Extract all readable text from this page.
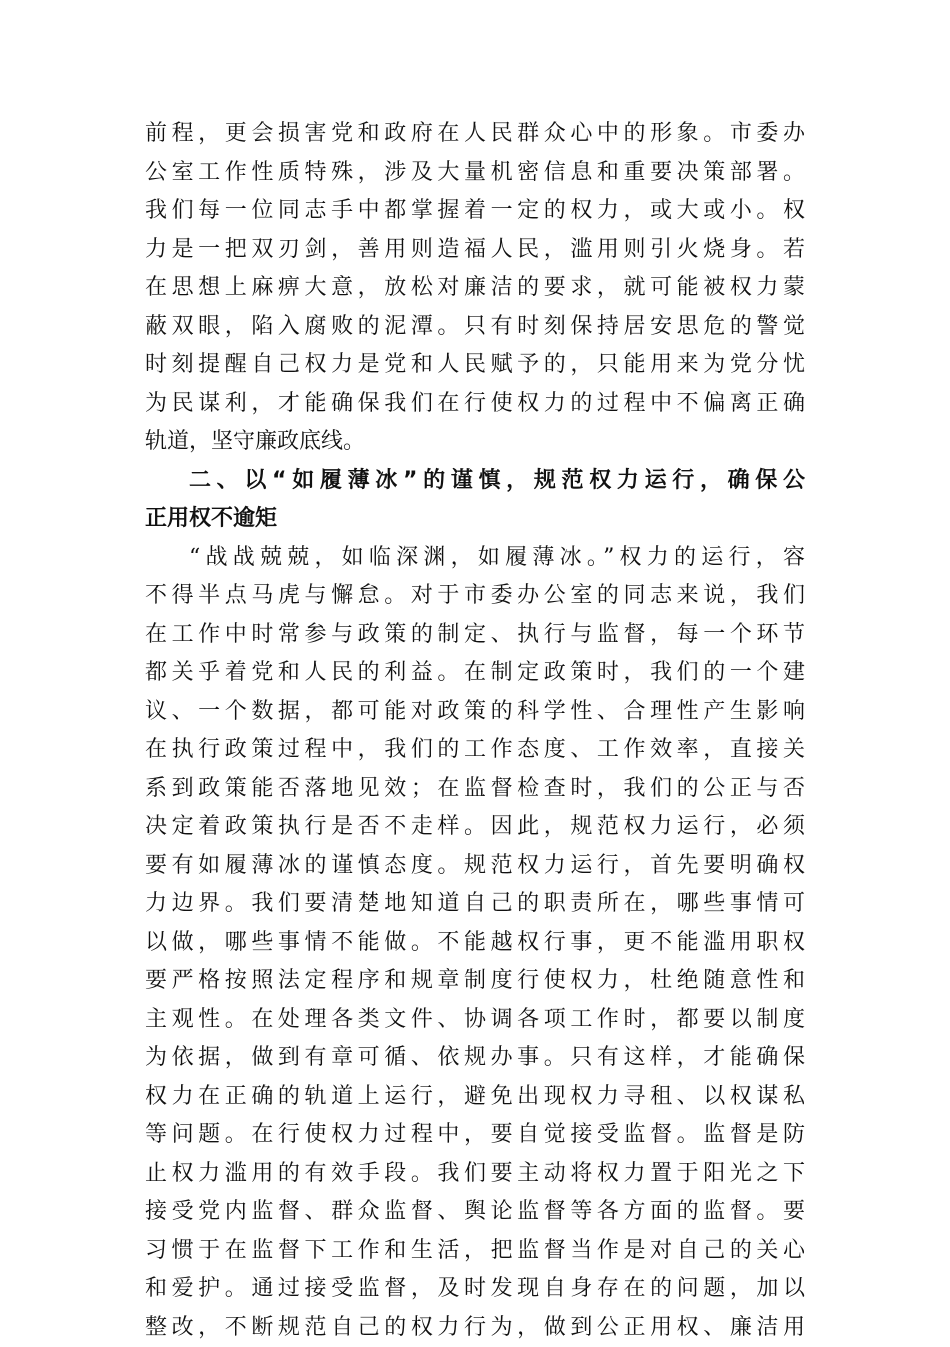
前程，更会损害党和政府在人民群众心中的形象。市委办
公室工作性质特殊，涉及大量机密信息和重要决策部署。
我们每一位同志手中都掌握着一定的权力，或大或小。权
力是一把双刃剑，善用则造福人民，滥用则引火烧身。若
在思想上麻痹大意，放松对廉洁的要求，就可能被权力蒙
蔽双眼，陷入腐败的泥潭。只有时刻保持居安思危的警觉
时刻提醒自己权力是党和人民赋予的，只能用来为党分忧
为民谋利，才能确保我们在行使权力的过程中不偏离正确
轨道，坚守廉政底线。
二、以“如履薄冰”的谨慎，规范权力运行，确保公
正用权不逾矩
“战战兢兢，如临深渊，如履薄冰。”权力的运行，容
不得半点马虎与懈怠。对于市委办公室的同志来说，我们
在工作中时常参与政策的制定、执行与监督，每一个环节
都关乎着党和人民的利益。在制定政策时，我们的一个建
议、一个数据，都可能对政策的科学性、合理性产生影响
在执行政策过程中，我们的工作态度、工作效率，直接关
系到政策能否落地见效；在监督检查时，我们的公正与否
决定着政策执行是否不走样。因此，规范权力运行，必须
要有如履薄冰的谨慎态度。规范权力运行，首先要明确权
力边界。我们要清楚地知道自己的职责所在，哪些事情可
以做，哪些事情不能做。不能越权行事，更不能滥用职权
要严格按照法定程序和规章制度行使权力，杜绝随意性和
主观性。在处理各类文件、协调各项工作时，都要以制度
为依据，做到有章可循、依规办事。只有这样，才能确保
权力在正确的轨道上运行，避免出现权力寻租、以权谋私
等问题。在行使权力过程中，要自觉接受监督。监督是防
止权力滥用的有效手段。我们要主动将权力置于阳光之下
接受党内监督、群众监督、舆论监督等各方面的监督。要
习惯于在监督下工作和生活，把监督当作是对自己的关心
和爱护。通过接受监督，及时发现自身存在的问题，加以
整改，不断规范自己的权力行为，做到公正用权、廉洁用
